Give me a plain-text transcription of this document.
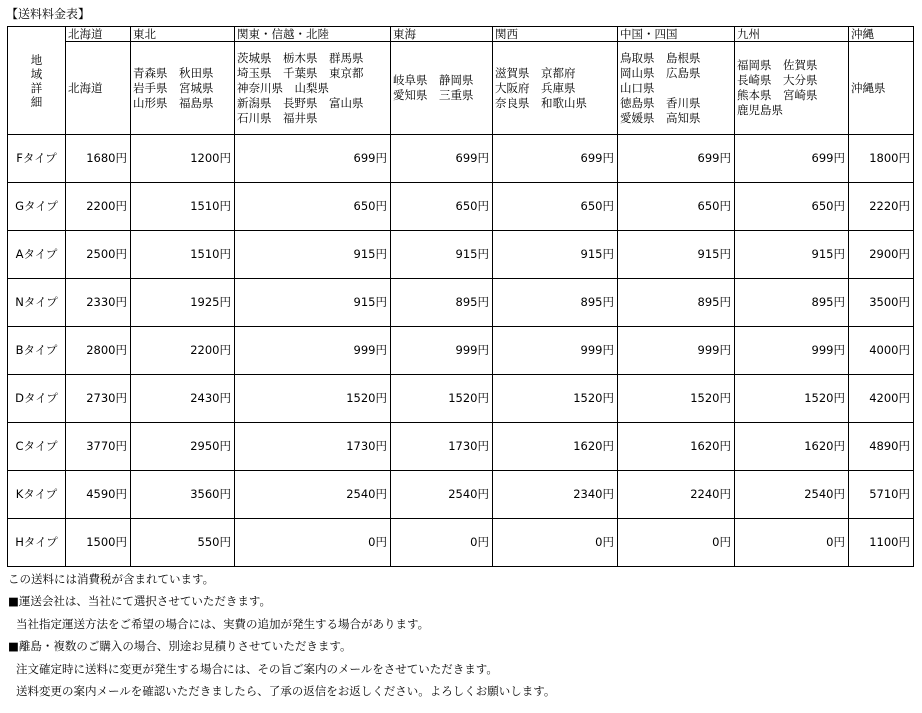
【送料料金表】
地
域
詳
細	北海道	東北	関東・信越・北陸	東海	関西	中国・四国	九州	沖縄

	北海道	青森県　秋田県
岩手県　宮城県
山形県　福島県	茨城県　栃木県　群馬県
埼玉県　千葉県　東京都
神奈川県　山梨県
新潟県　長野県　富山県
石川県　福井県	岐阜県　静岡県
愛知県　三重県	滋賀県　京都府
大阪府　兵庫県
奈良県　和歌山県	鳥取県　島根県
岡山県　広島県
山口県
徳島県　香川県
愛媛県　高知県	福岡県　佐賀県
長崎県　大分県
熊本県　宮崎県
鹿児島県	沖縄県

Fタイプ	1680円	1200円	699円	699円	699円	699円	699円	1800円
Gタイプ	2200円	1510円	650円	650円	650円	650円	650円	2220円
Aタイプ	2500円	1510円	915円	915円	915円	915円	915円	2900円
Nタイプ	2330円	1925円	915円	895円	895円	895円	895円	3500円
Bタイプ	2800円	2200円	999円	999円	999円	999円	999円	4000円
Dタイプ	2730円	2430円	1520円	1520円	1520円	1520円	1520円	4200円
Cタイプ	3770円	2950円	1730円	1730円	1620円	1620円	1620円	4890円
Kタイプ	4590円	3560円	2540円	2540円	2340円	2240円	2540円	5710円
Hタイプ	1500円	550円	0円	0円	0円	0円	0円	1100円
この送料には消費税が含まれています。
■運送会社は、当社にて選択させていただきます。
当社指定運送方法をご希望の場合には、実費の追加が発生する場合があります。
■離島・複数のご購入の場合、別途お見積りさせていただきます。
注文確定時に送料に変更が発生する場合には、その旨ご案内のメールをさせていただきます。
送料変更の案内メールを確認いただきましたら、了承の返信をお返しください。よろしくお願いします。
